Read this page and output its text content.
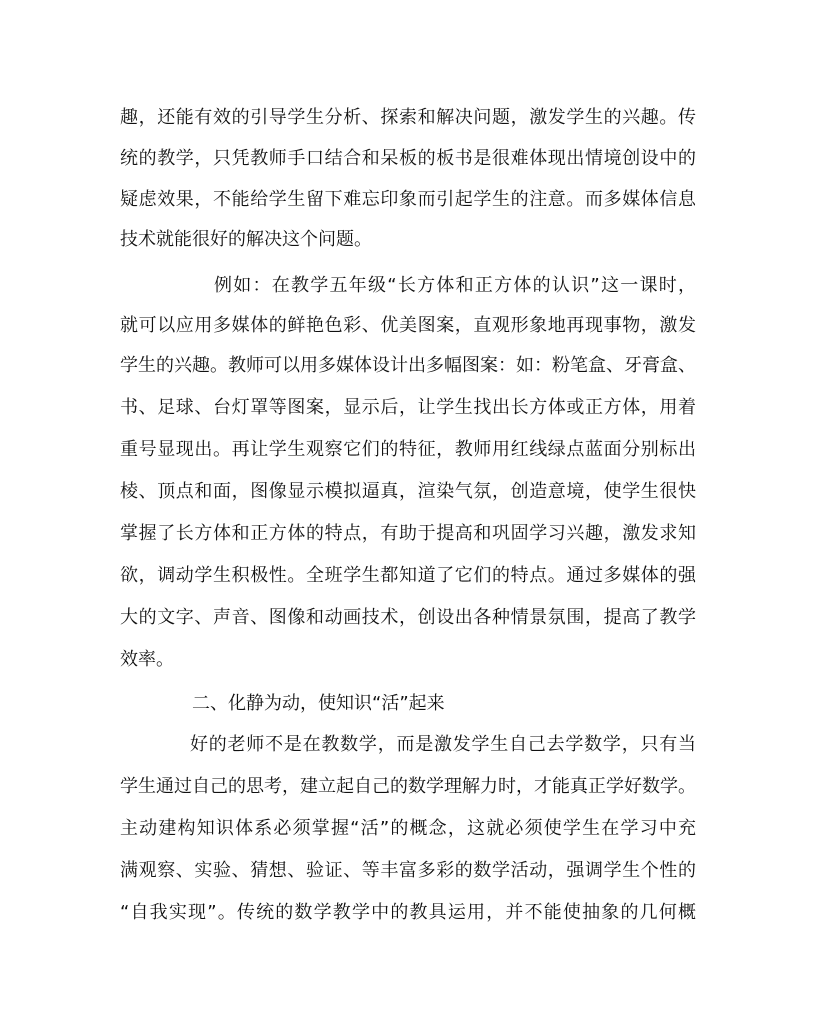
趣，还能有效的引导学生分析、探索和解决问题，激发学生的兴趣。传
统的教学，只凭教师手口结合和呆板的板书是很难体现出情境创设中的
疑虑效果，不能给学生留下难忘印象而引起学生的注意。而多媒体信息
技术就能很好的解决这个问题。
例如：在教学五年级“长方体和正方体的认识”这一课时，
就可以应用多媒体的鲜艳色彩、优美图案，直观形象地再现事物，激发
学生的兴趣。教师可以用多媒体设计出多幅图案：如：粉笔盒、牙膏盒、
书、足球、台灯罩等图案，显示后，让学生找出长方体或正方体，用着
重号显现出。再让学生观察它们的特征，教师用红线绿点蓝面分别标出
棱、顶点和面，图像显示模拟逼真，渲染气氛，创造意境，使学生很快
掌握了长方体和正方体的特点，有助于提高和巩固学习兴趣，激发求知
欲，调动学生积极性。全班学生都知道了它们的特点。通过多媒体的强
大的文字、声音、图像和动画技术，创设出各种情景氛围，提高了教学
效率。
二、化静为动，使知识“活”起来
好的老师不是在教数学，而是激发学生自己去学数学，只有当
学生通过自己的思考，建立起自己的数学理解力时，才能真正学好数学。
主动建构知识体系必须掌握“活”的概念，这就必须使学生在学习中充
满观察、实验、猜想、验证、等丰富多彩的数学活动，强调学生个性的
“自我实现”。传统的数学教学中的教具运用，并不能使抽象的几何概
